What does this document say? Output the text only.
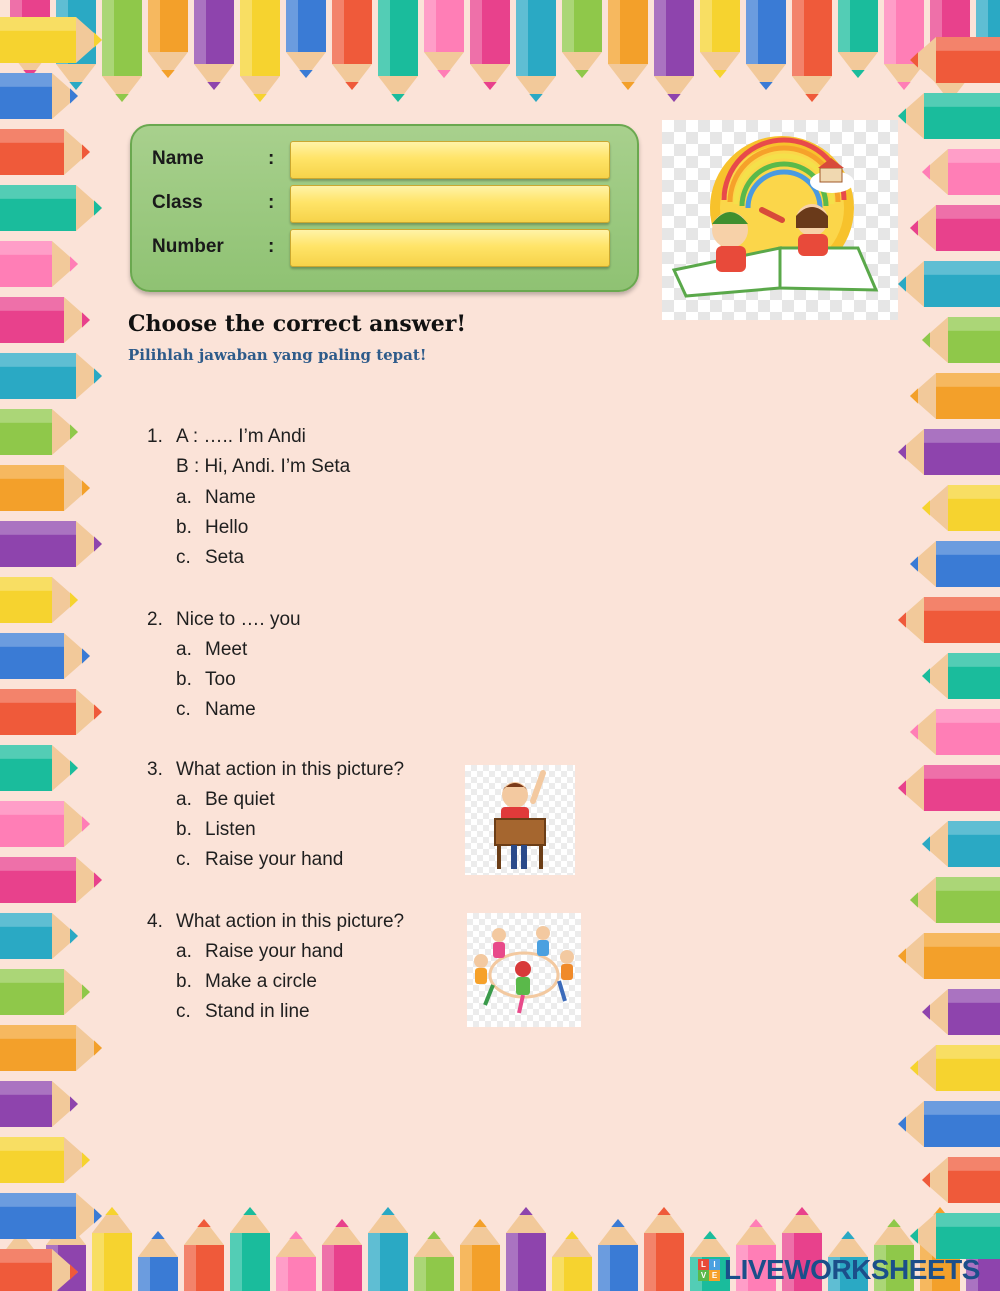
Name	:
Class	:
Number :
Choose the correct answer!
Pilihlah jawaban yang paling tepat!
1. A : ….. I’m Andi
B : Hi, Andi. I’m Seta
a. Name
b. Hello
c. Seta
2. Nice to …. you
a. Meet
b. Too
c. Name
3. What action in this picture?
a. Be quiet
b. Listen
c. Raise your hand
4. What action in this picture?
a. Raise your hand
b. Make a circle
c. Stand in line
L I
V E LIVEWORKSHEETS
